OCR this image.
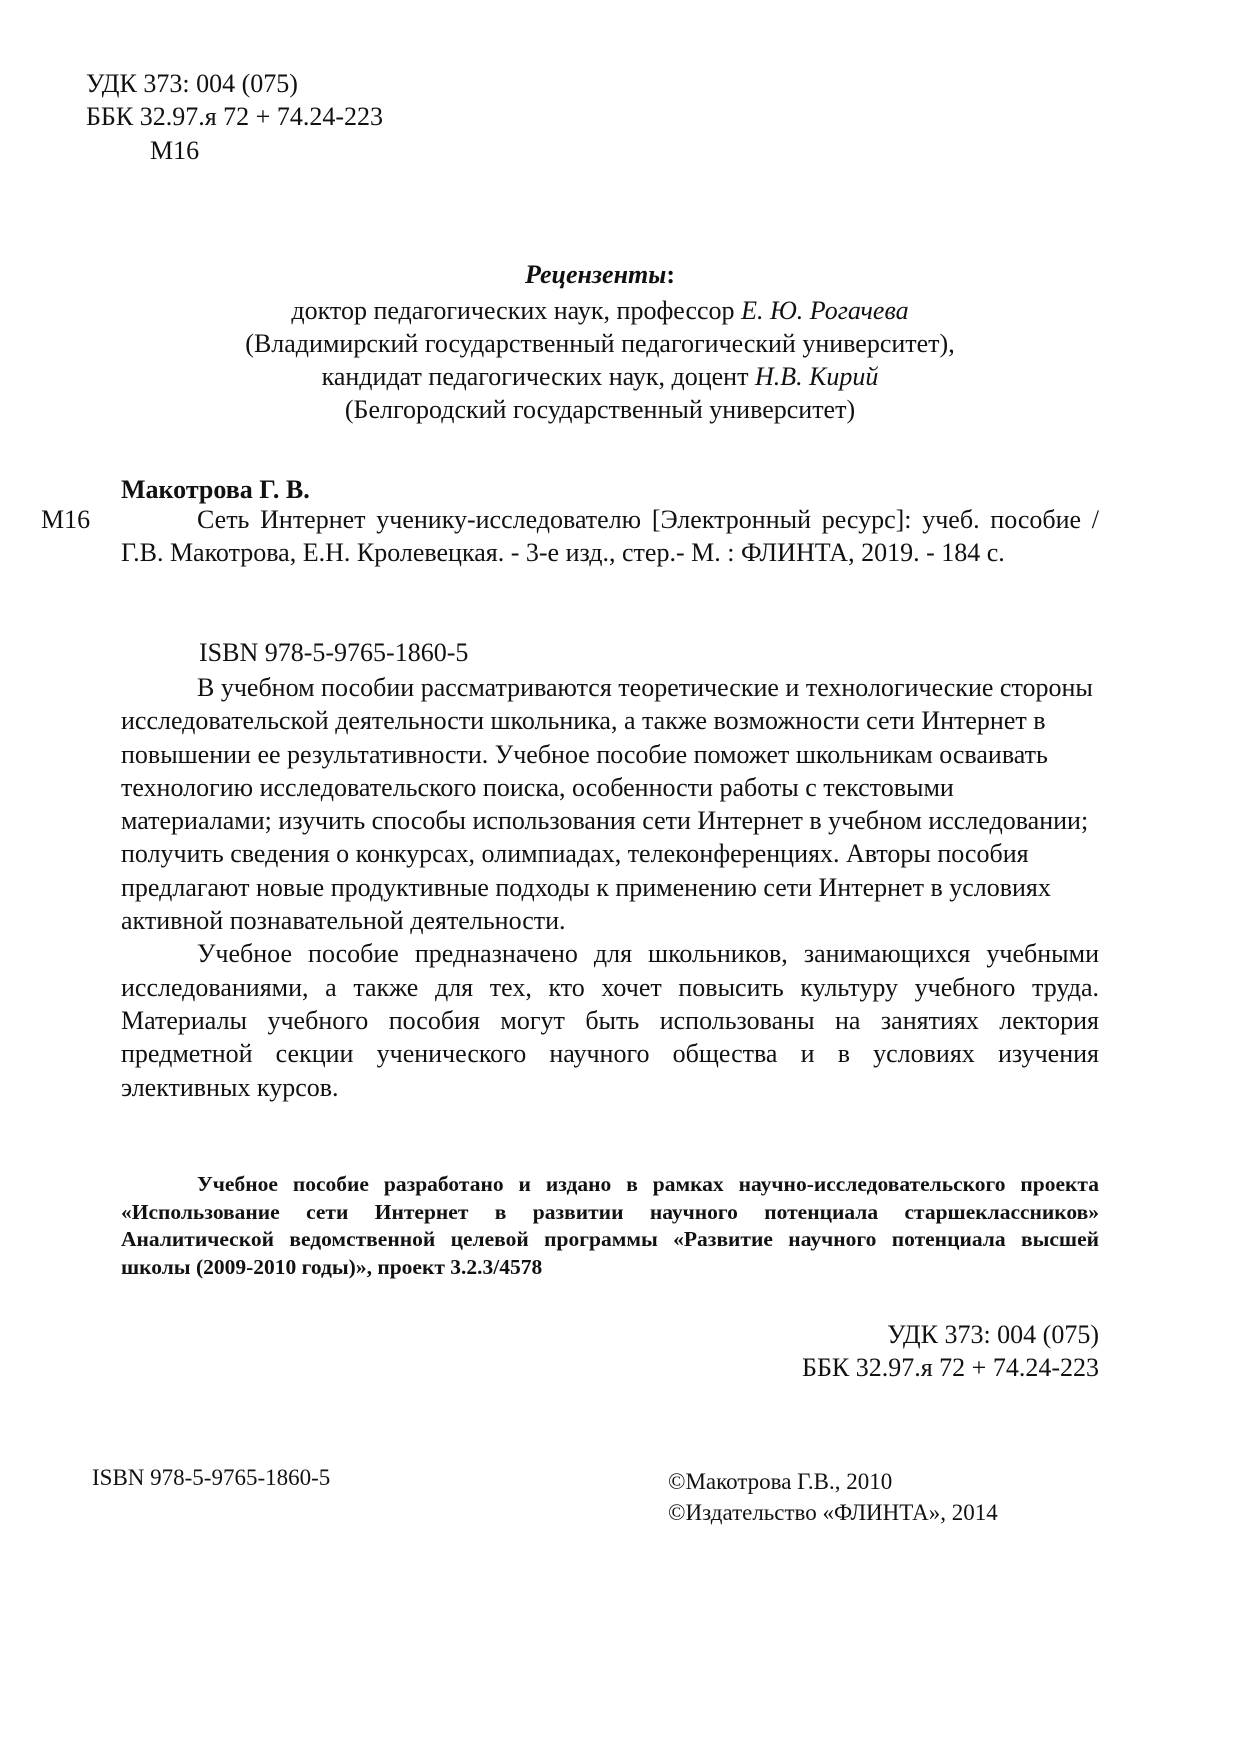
УДК 373: 004 (075)
ББК 32.97.я 72 + 74.24-223
М16
Рецензенты:
доктор педагогических наук, профессор Е. Ю. Рогачева
(Владимирский государственный педагогический университет),
кандидат педагогических наук, доцент Н.В. Кирий
(Белгородский государственный университет)
Макотрова Г. В.
М16	Сеть Интернет ученику-исследователю [Электронный ресурс]: учеб. пособие / Г.В. Макотрова, Е.Н. Кролевецкая. - 3-е изд., стер.- М. : ФЛИНТА, 2019. - 184 с.
ISBN 978-5-9765-1860-5

В учебном пособии рассматриваются теоретические и технологические стороны исследовательской деятельности школьника, а также возможности сети Интернет в повышении ее результативности. Учебное пособие поможет школьникам осваивать технологию исследовательского поиска, особенности работы с текстовыми материалами; изучить способы использования сети Интернет в учебном исследовании; получить сведения о конкурсах, олимпиадах, телеконференциях. Авторы пособия предлагают новые продуктивные подходы к применению сети Интернет в условиях

активной познавательной деятельности.

Учебное пособие предназначено для школьников, занимающихся учебными исследованиями, а также для тех, кто хочет повысить культуру учебного труда. Материалы учебного пособия могут быть использованы на занятиях лектория предметной секции ученического научного общества и в условиях изучения элективных курсов.

Учебное пособие разработано и издано в рамках научно-исследовательского проекта «Использование сети Интернет в развитии научного потенциала старшеклассников» Аналитической ведомственной целевой программы «Развитие научного потенциала высшей школы (2009-2010 годы)», проект 3.2.3/4578
УДК 373: 004 (075)
ББК 32.97.я 72 + 74.24-223
ISBN 978-5-9765-1860-5	©Макотрова Г.В., 2010
©Издательство «ФЛИНТА», 2014
